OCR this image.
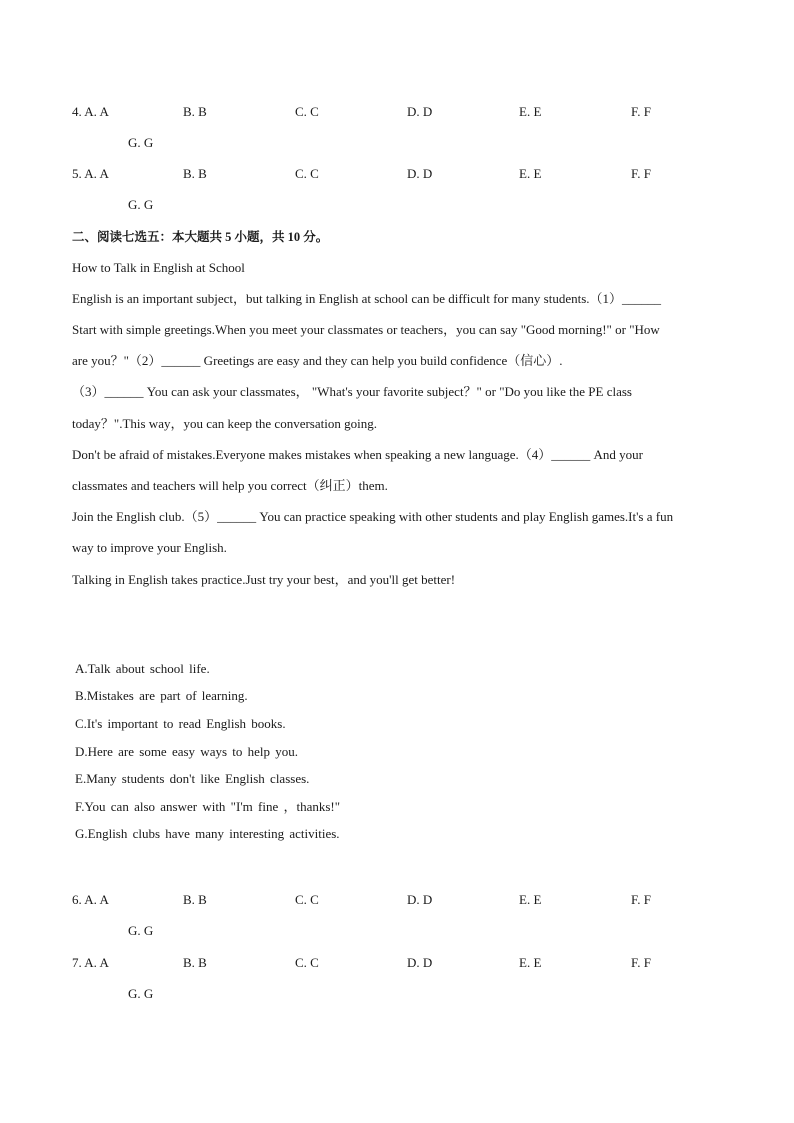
4. A. A	B. B	C. C	D. D	E. E	F. F
G. G
5. A. A	B. B	C. C	D. D	E. E	F. F
G. G
二、阅读七选五：本大题共 5 小题，共 10 分。
How to Talk in English at School
English is an important subject，but talking in English at school can be difficult for many students.（1）______
Start with simple greetings.When you meet your classmates or teachers，you can say "Good morning!" or "How
are you？"（2）______ Greetings are easy and they can help you build confidence（信心）.
（3）______ You can ask your classmates， "What's your favorite subject？" or "Do you like the PE class
today？".This way，you can keep the conversation going.
Don't be afraid of mistakes.Everyone makes mistakes when speaking a new language.（4）______ And your
classmates and teachers will help you correct（纠正）them.
Join the English club.（5）______ You can practice speaking with other students and play English games.It's a fun
way to improve your English.
Talking in English takes practice.Just try your best，and you'll get better!
A.Talk about school life.
B.Mistakes are part of learning.
C.It's important to read English books.
D.Here are some easy ways to help you.
E.Many students don't like English classes.
F.You can also answer with "I'm fine ，thanks!"
G.English clubs have many interesting activities.
6. A. A	B. B	C. C	D. D	E. E	F. F
G. G
7. A. A	B. B	C. C	D. D	E. E	F. F
G. G
